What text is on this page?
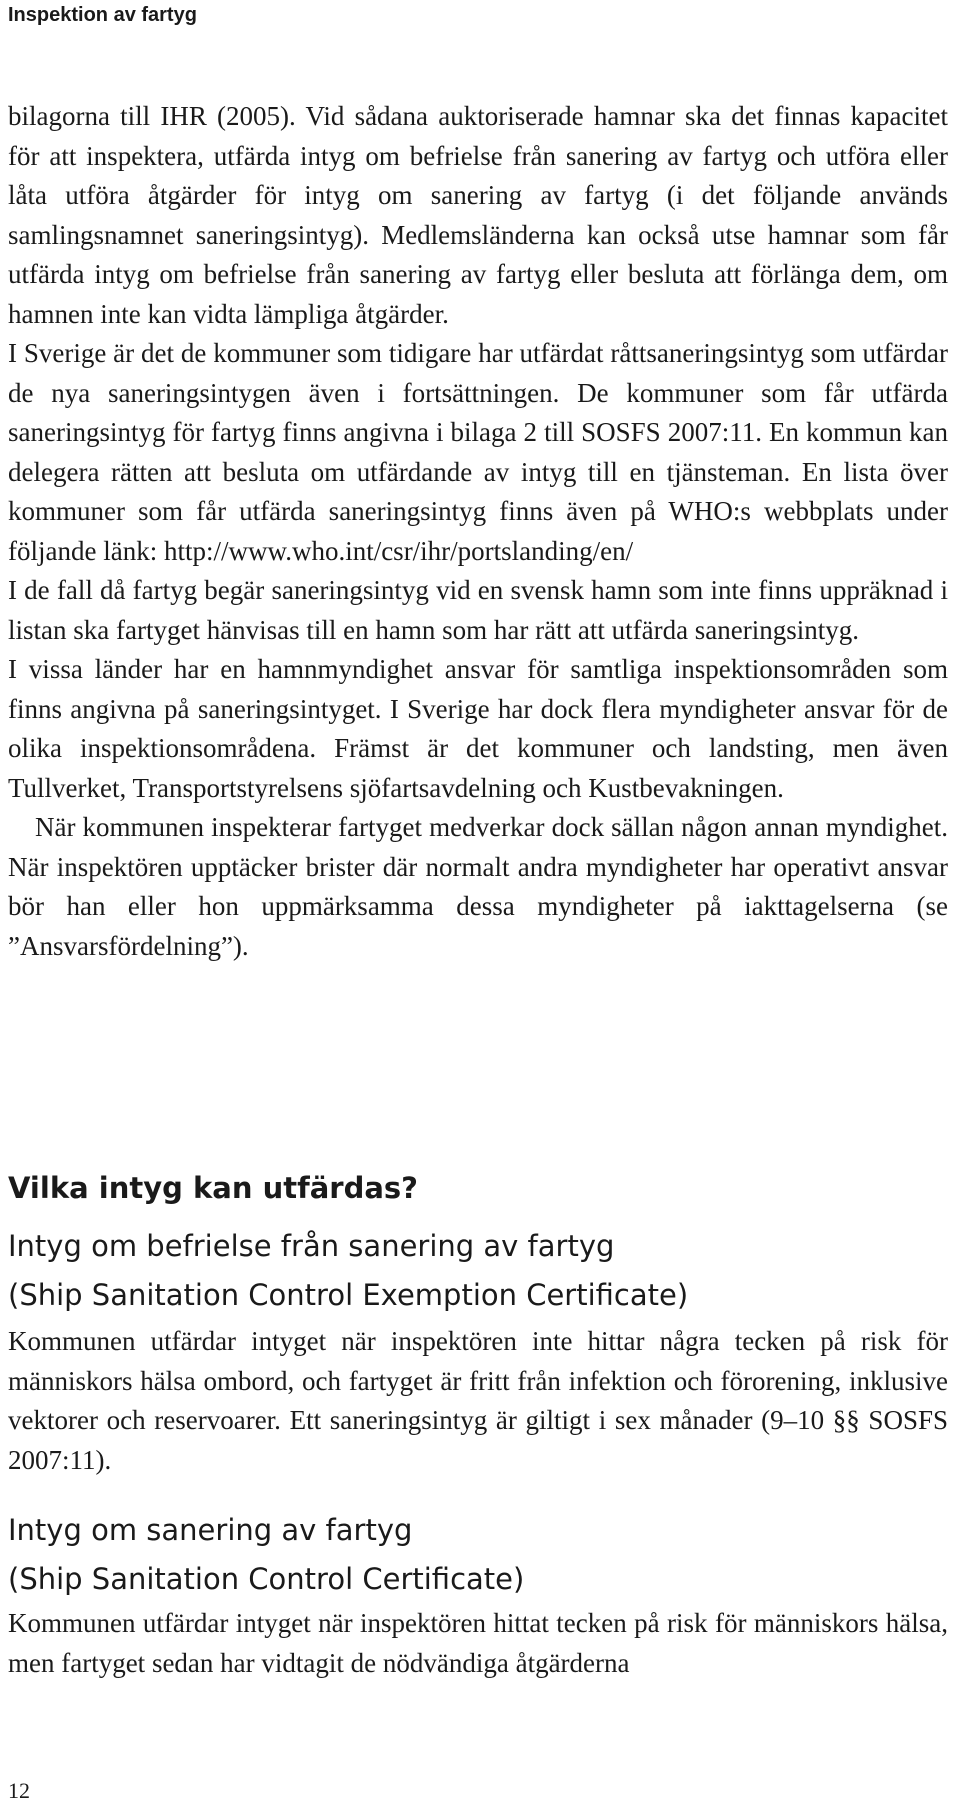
Inspektion av fartyg

bilagorna till IHR (2005). Vid sådana auktoriserade hamnar ska det finnas kapacitet för att inspektera, utfärda intyg om befrielse från sanering av fartyg och utföra eller låta utföra åtgärder för intyg om sanering av fartyg (i det följande används samlingsnamnet saneringsintyg). Medlemsländerna kan också utse hamnar som får utfärda intyg om befrielse från sanering av fartyg eller besluta att förlänga dem, om hamnen inte kan vidta lämpliga åtgärder.

I Sverige är det de kommuner som tidigare har utfärdat råttsaneringsintyg som utfärdar de nya saneringsintygen även i fortsättningen. De kommuner som får utfärda saneringsintyg för fartyg finns angivna i bilaga 2 till SOSFS 2007:11. En kommun kan delegera rätten att besluta om utfärdande av intyg till en tjänsteman. En lista över kommuner som får utfärda saneringsintyg finns även på WHO:s webbplats under följande länk: http://www.who.int/csr/ihr/portslanding/en/

I de fall då fartyg begär saneringsintyg vid en svensk hamn som inte finns uppräknad i listan ska fartyget hänvisas till en hamn som har rätt att utfärda saneringsintyg.

I vissa länder har en hamnmyndighet ansvar för samtliga inspektionsområden som finns angivna på saneringsintyget. I Sverige har dock flera myndigheter ansvar för de olika inspektionsområdena. Främst är det kommuner och landsting, men även Tullverket, Transportstyrelsens sjöfartsavdelning och Kustbevakningen.

När kommunen inspekterar fartyget medverkar dock sällan någon annan myndighet. När inspektören upptäcker brister där normalt andra myndigheter har operativt ansvar bör han eller hon uppmärksamma dessa myndigheter på iakttagelserna (se ”Ansvarsfördelning”).

Vilka intyg kan utfärdas?
Intyg om befrielse från sanering av fartyg
(Ship Sanitation Control Exemption Certificate)

Kommunen utfärdar intyget när inspektören inte hittar några tecken på risk för människors hälsa ombord, och fartyget är fritt från infektion och förorening, inklusive vektorer och reservoarer. Ett saneringsintyg är giltigt i sex månader (9–10 §§ SOSFS 2007:11).

Intyg om sanering av fartyg
(Ship Sanitation Control Certificate)

Kommunen utfärdar intyget när inspektören hittat tecken på risk för människors hälsa, men fartyget sedan har vidtagit de nödvändiga åtgärderna

12
